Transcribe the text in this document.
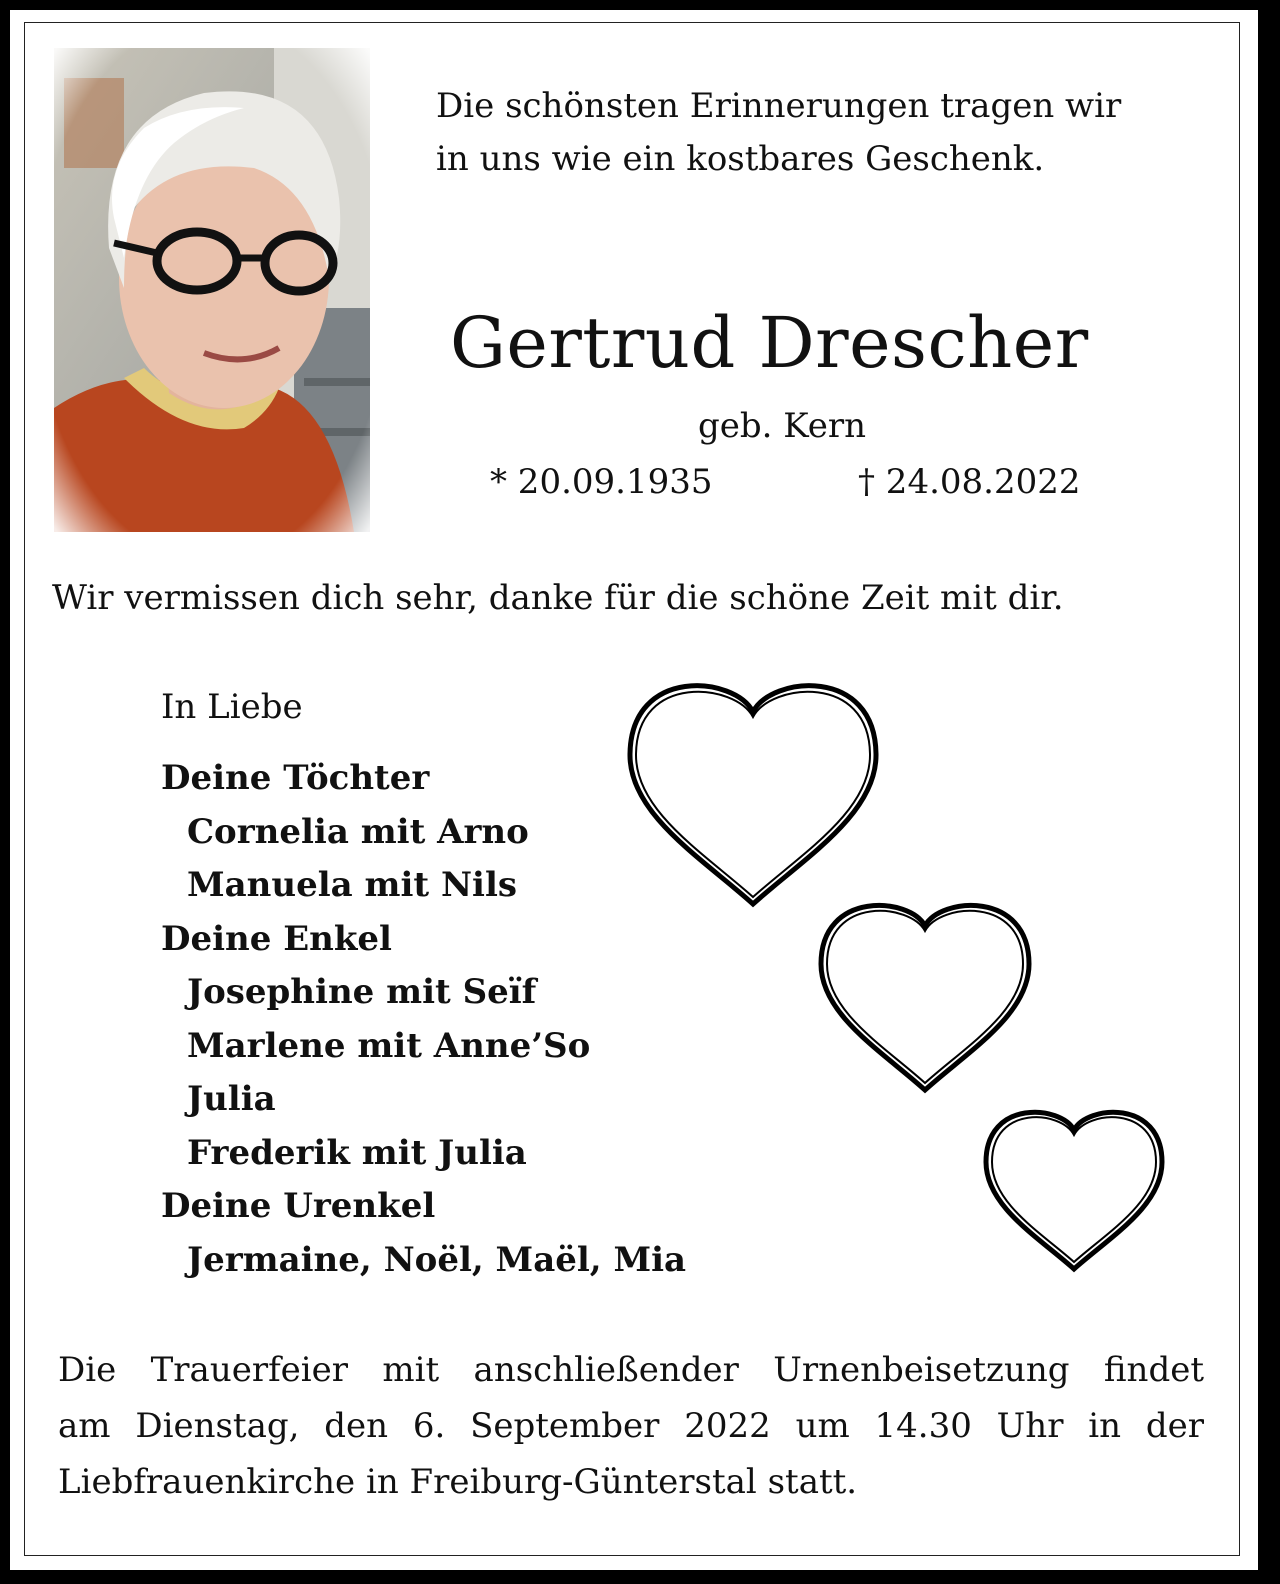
Die schönsten Erinnerungen tragen wir
in uns wie ein kostbares Geschenk.
Gertrud Drescher
geb. Kern
* 20.09.1935	† 24.08.2022
Wir vermissen dich sehr, danke für die schöne Zeit mit dir.
In Liebe
Deine Töchter
Cornelia mit Arno
Manuela mit Nils
Deine Enkel
Josephine mit Seïf
Marlene mit Anne’So
Julia
Frederik mit Julia
Deine Urenkel
Jermaine, Noël, Maël, Mia

Die Trauerfeier mit anschließender Urnenbeisetzung findet

am Dienstag, den 6. September 2022 um 14.30 Uhr in der

Liebfrauenkirche in Freiburg-Günterstal statt.
